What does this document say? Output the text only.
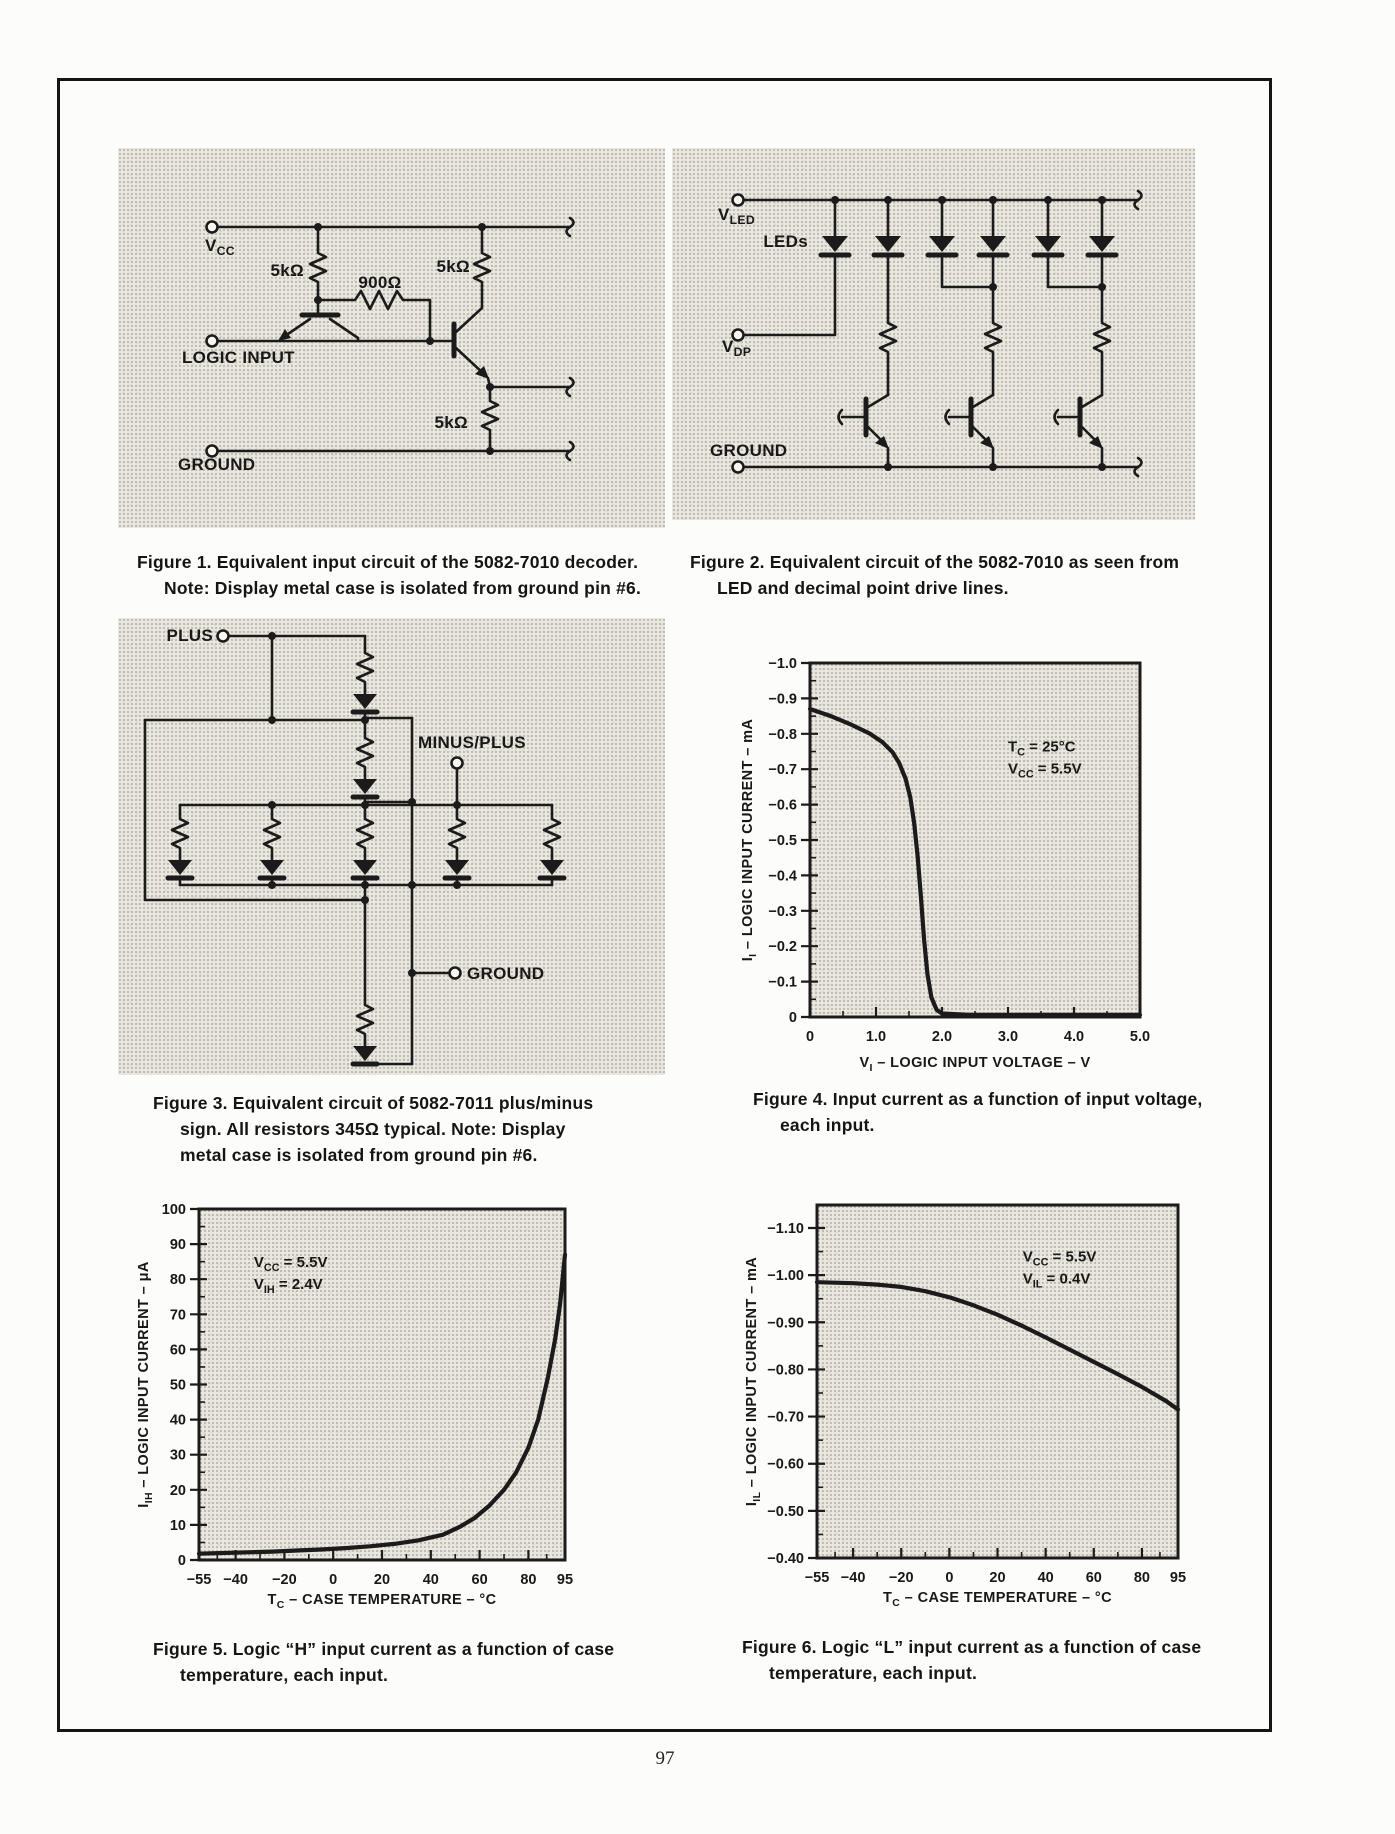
$V_{CC}$
5kΩ
900Ω
5kΩ
LOGIC INPUT
5kΩ
GROUND
$V_{LED}$
LEDs
$V_{DP}$
GROUND
Figure 1. Equivalent input circuit of the 5082-7010 decoder.
Note: Display metal case is isolated from ground pin #6.
Figure 2. Equivalent circuit of the 5082-7010 as seen from
LED and decimal point drive lines.
PLUS
MINUS/PLUS
GROUND
−1.0
−0.9
−0.8
−0.7
−0.6
−0.5
−0.4
−0.3
−0.2
−0.1
0
0	1.0	2.0	3.0	4.0	5.0
$V_I$ – LOGIC INPUT VOLTAGE – V
$I_I$ – LOGIC INPUT CURRENT – mA	$T_C = 25^\circ C$
$V_{CC} = 5.5V$
Figure 3. Equivalent circuit of 5082-7011 plus/minus
sign. All resistors 345Ω typical. Note: Display
metal case is isolated from ground pin #6.
Figure 4. Input current as a function of input voltage,
each input.
100
90
80
70
60
50
40
30
20
10
0
−55 −40 −20 0	20 40 60 80 95
$T_C$ – CASE TEMPERATURE – °C
$I_{IH}$ – LOGIC INPUT CURRENT – μA	$V_{CC} = 5.5V$
$V_{IH} = 2.4V$
−1.10
−1.00
−0.90
−0.80
−0.70
−0.60
−0.50
−0.40
−55 −40 −20 0 20 40 60 80 95
$T_C$ – CASE TEMPERATURE – °C
$I_{IL}$ – LOGIC INPUT CURRENT – mA	$V_{CC} = 5.5V$
$V_{IL} = 0.4V$
Figure 5. Logic “H” input current as a function of case
temperature, each input.
Figure 6. Logic “L” input current as a function of case
temperature, each input.
97
